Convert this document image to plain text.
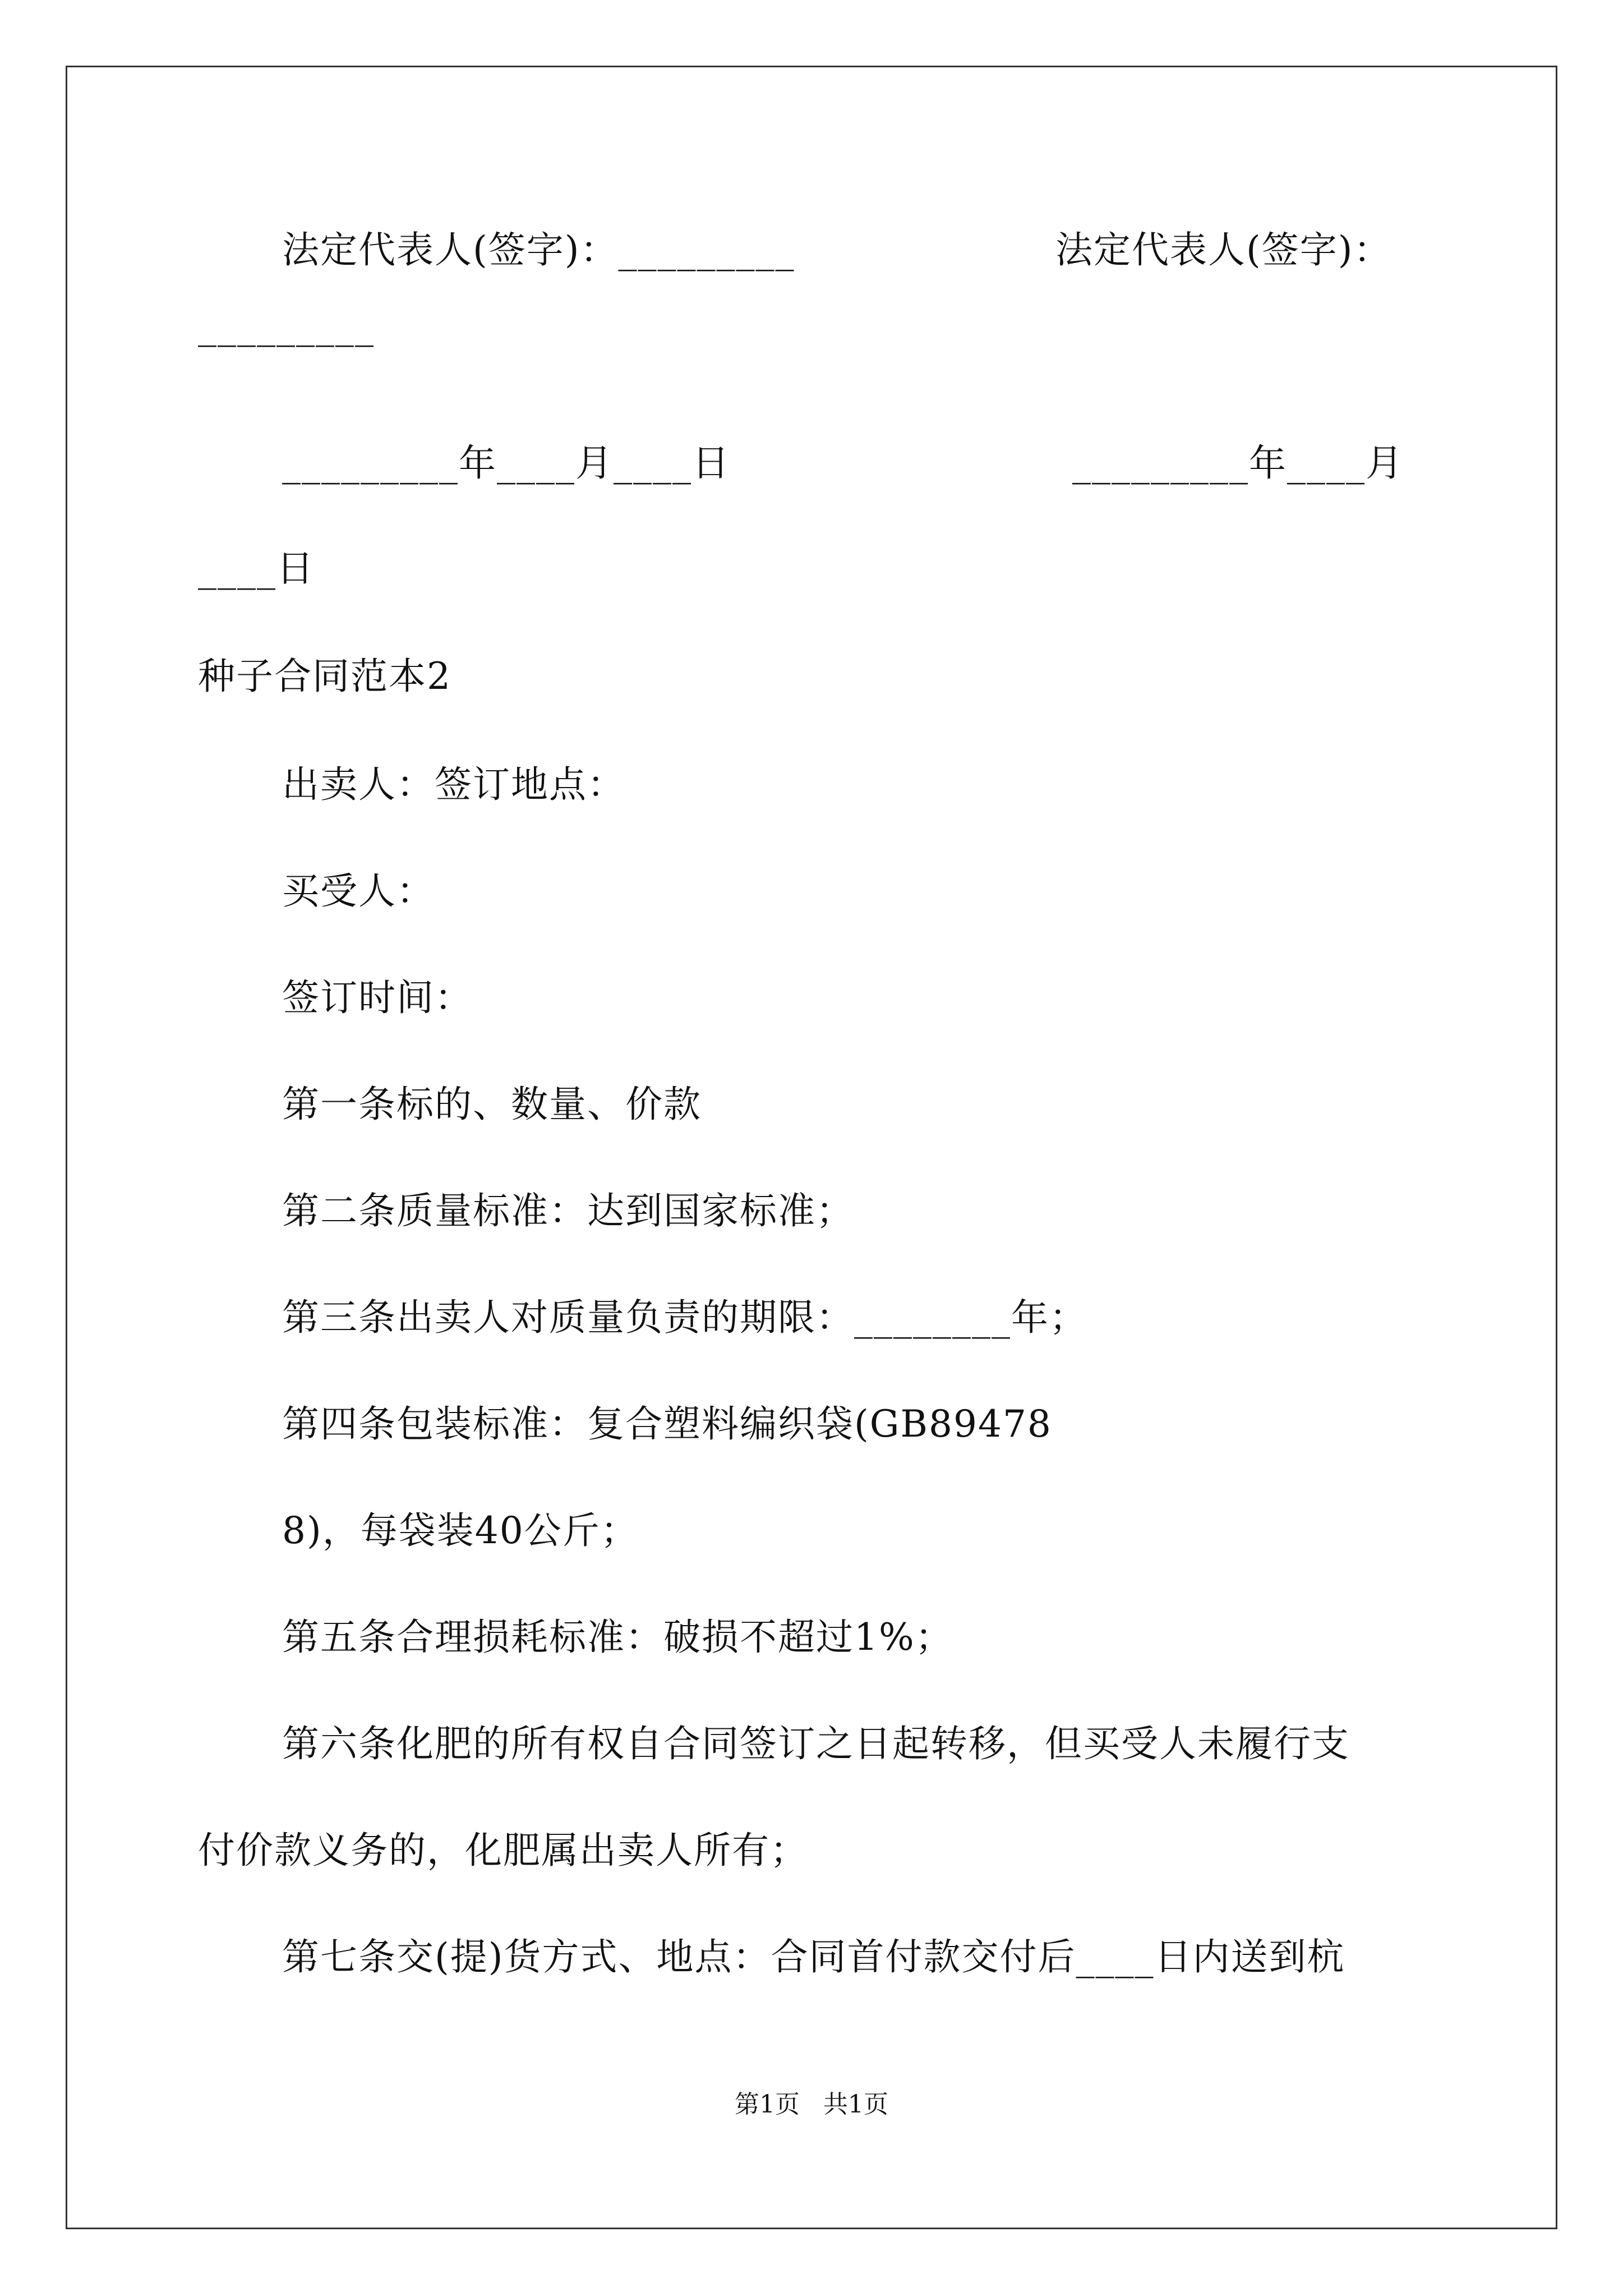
法定代表人(签字)：_________	法定代表人(签字)：
_________
_________年____月____日	_________年____月
____日
种子合同范本2
出卖人：签订地点：
买受人：
签订时间：
第一条标的、数量、价款
第二条质量标准：达到国家标准；
第三条出卖人对质量负责的期限：________年；
第四条包装标准：复合塑料编织袋(GB89478
8)，每袋装40公斤；
第五条合理损耗标准：破损不超过1%；
第六条化肥的所有权自合同签订之日起转移，但买受人未履行支
付价款义务的，化肥属出卖人所有；
第七条交(提)货方式、地点：合同首付款交付后____日内送到杭
第1页   共1页
